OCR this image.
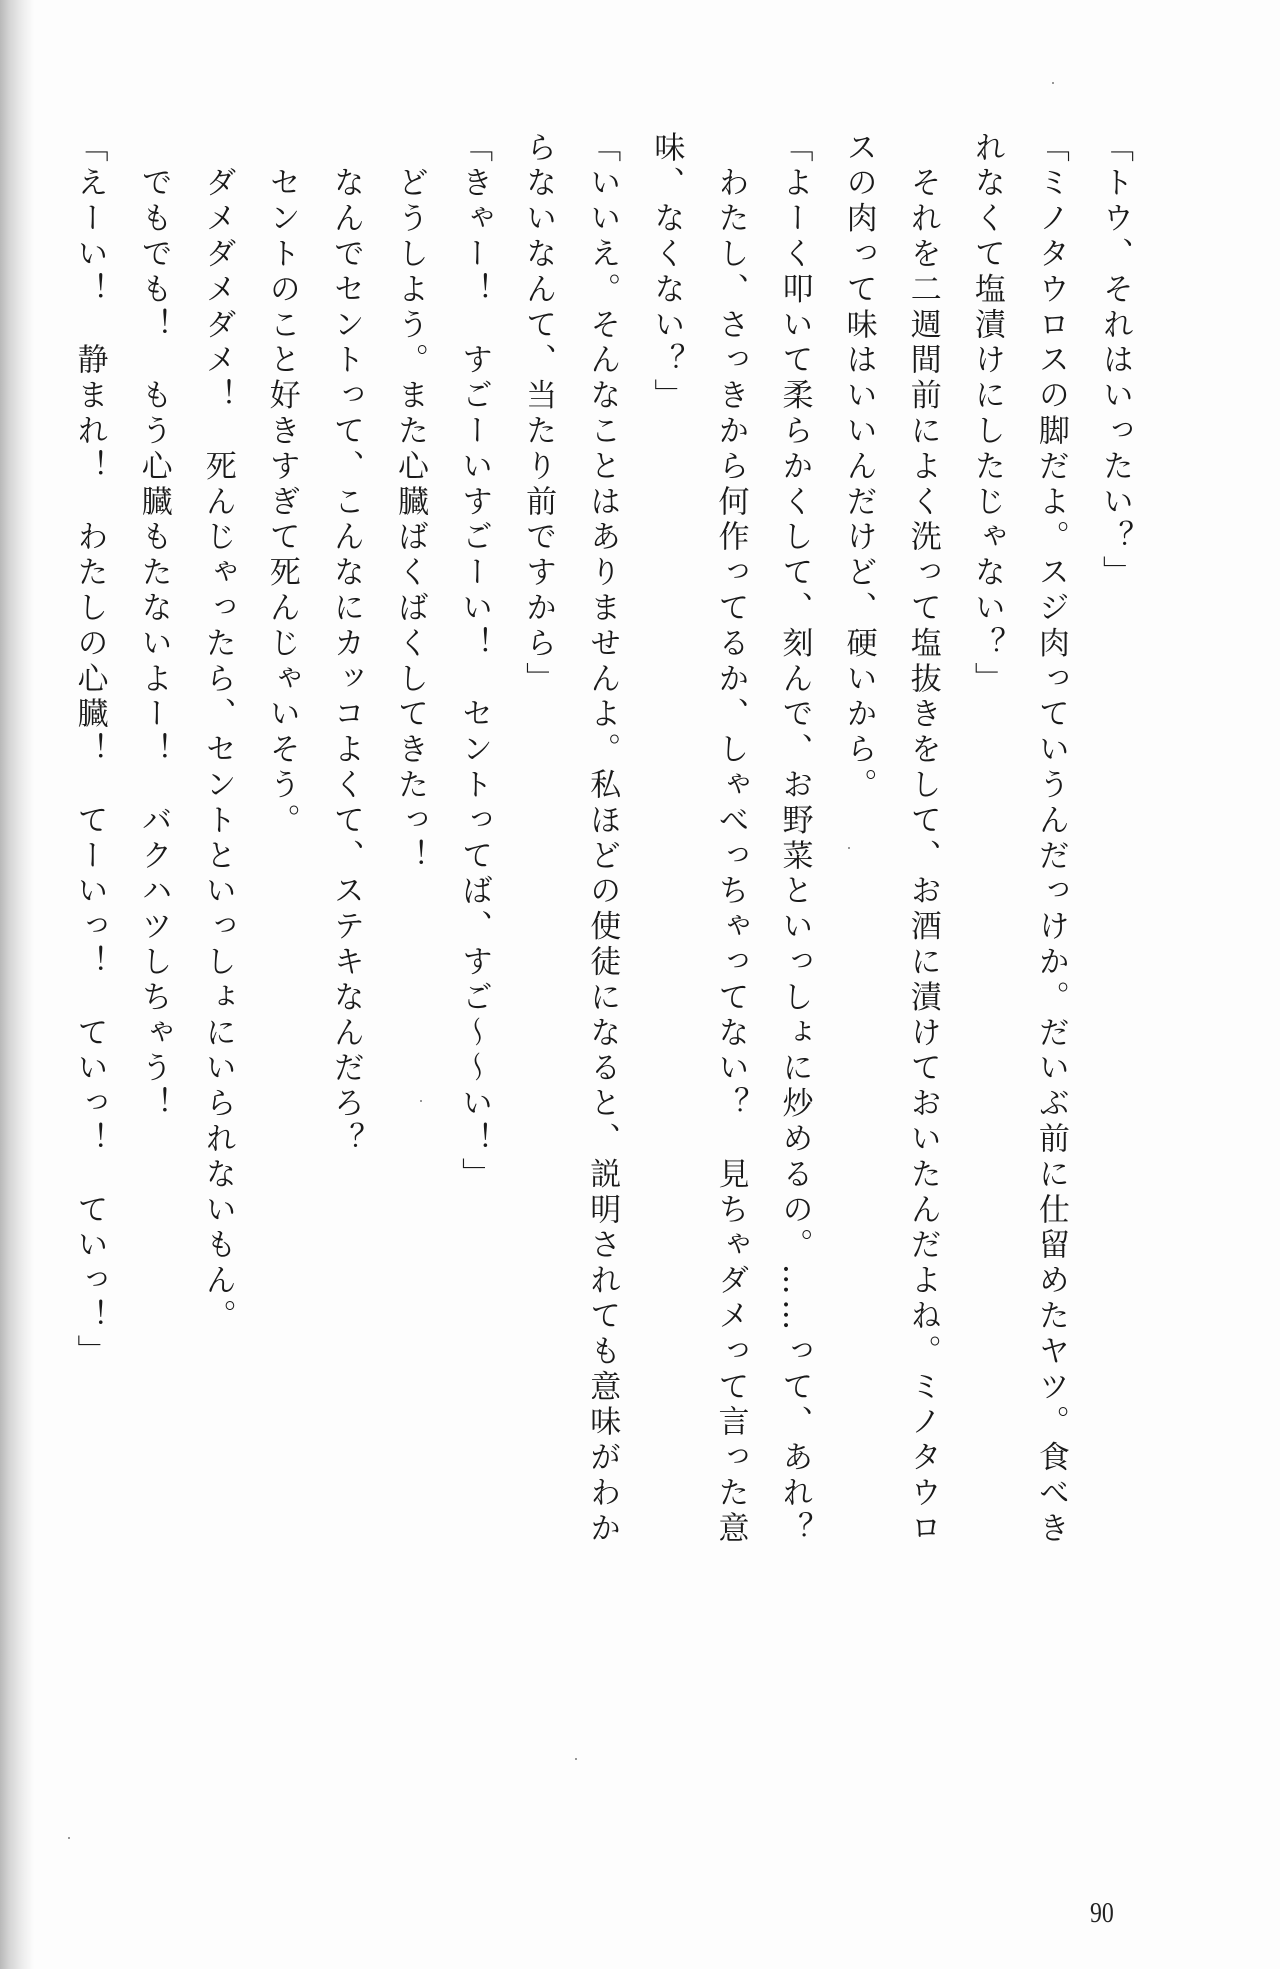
「トウ、それはいったい？」
「ミノタウロスの脚だよ。スジ肉っていうんだっけか。だいぶ前に仕留めたヤツ。食べき
れなくて塩漬けにしたじゃない？」
　それを二週間前によく洗って塩抜きをして、お酒に漬けておいたんだよね。ミノタウロ
スの肉って味はいいんだけど、硬いから。
「よーく叩いて柔らかくして、刻んで、お野菜といっしょに炒めるの。……って、あれ？
　わたし、さっきから何作ってるか、しゃべっちゃってない？　見ちゃダメって言った意
味、なくない？」
「いいえ。そんなことはありませんよ。私ほどの使徒になると、説明されても意味がわか
らないなんて、当たり前ですから」
「きゃー！　すごーいすごーい！　セントってば、すご～～い！」
　どうしよう。また心臓ばくばくしてきたっ！
　なんでセントって、こんなにカッコよくて、ステキなんだろ？
　セントのこと好きすぎて死んじゃいそう。
　ダメダメダメ！　死んじゃったら、セントといっしょにいられないもん。
　でもでも！　もう心臓もたないよー！　バクハツしちゃう！
「えーい！　静まれ！　わたしの心臓！　てーいっ！　ていっ！　ていっ！」
90
